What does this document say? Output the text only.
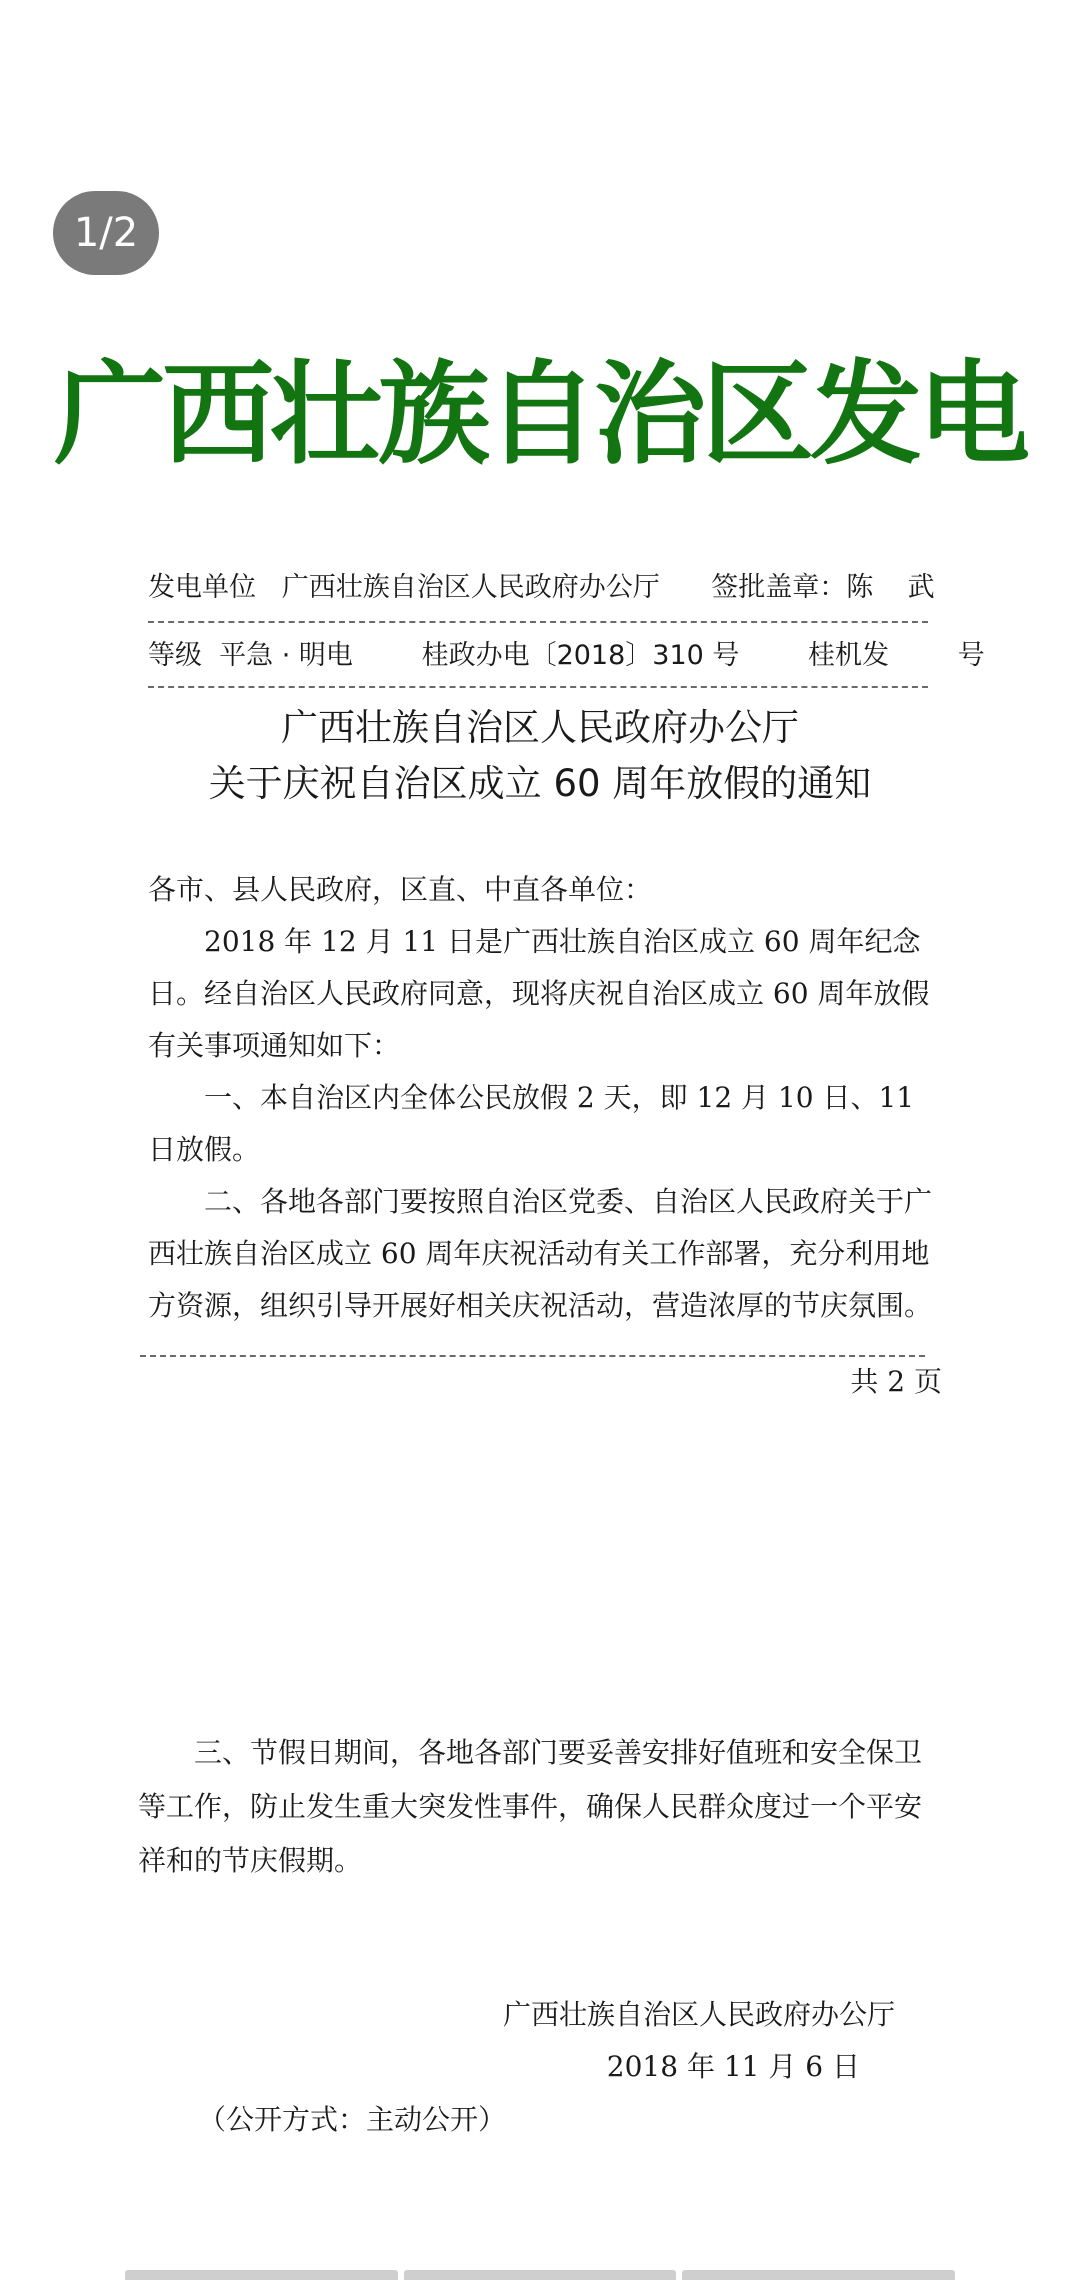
1/2
广西壮族自治区发电
发电单位   广西壮族自治区人民政府办公厅      签批盖章：陈    武
等级  平急 · 明电        桂政办电〔2018〕310 号        桂机发        号
广西壮族自治区人民政府办公厅
关于庆祝自治区成立 60 周年放假的通知
各市、县人民政府，区直、中直各单位：
2018 年 12 月 11 日是广西壮族自治区成立 60 周年纪念日。经自治区人民政府同意，现将庆祝自治区成立 60 周年放假有关事项通知如下：
一、本自治区内全体公民放假 2 天，即 12 月 10 日、11 日放假。
二、各地各部门要按照自治区党委、自治区人民政府关于广西壮族自治区成立 60 周年庆祝活动有关工作部署，充分利用地方资源，组织引导开展好相关庆祝活动，营造浓厚的节庆氛围。
共 2 页
三、节假日期间，各地各部门要妥善安排好值班和安全保卫等工作，防止发生重大突发性事件，确保人民群众度过一个平安祥和的节庆假期。
广西壮族自治区人民政府办公厅
2018 年 11 月 6 日
（公开方式：主动公开）
